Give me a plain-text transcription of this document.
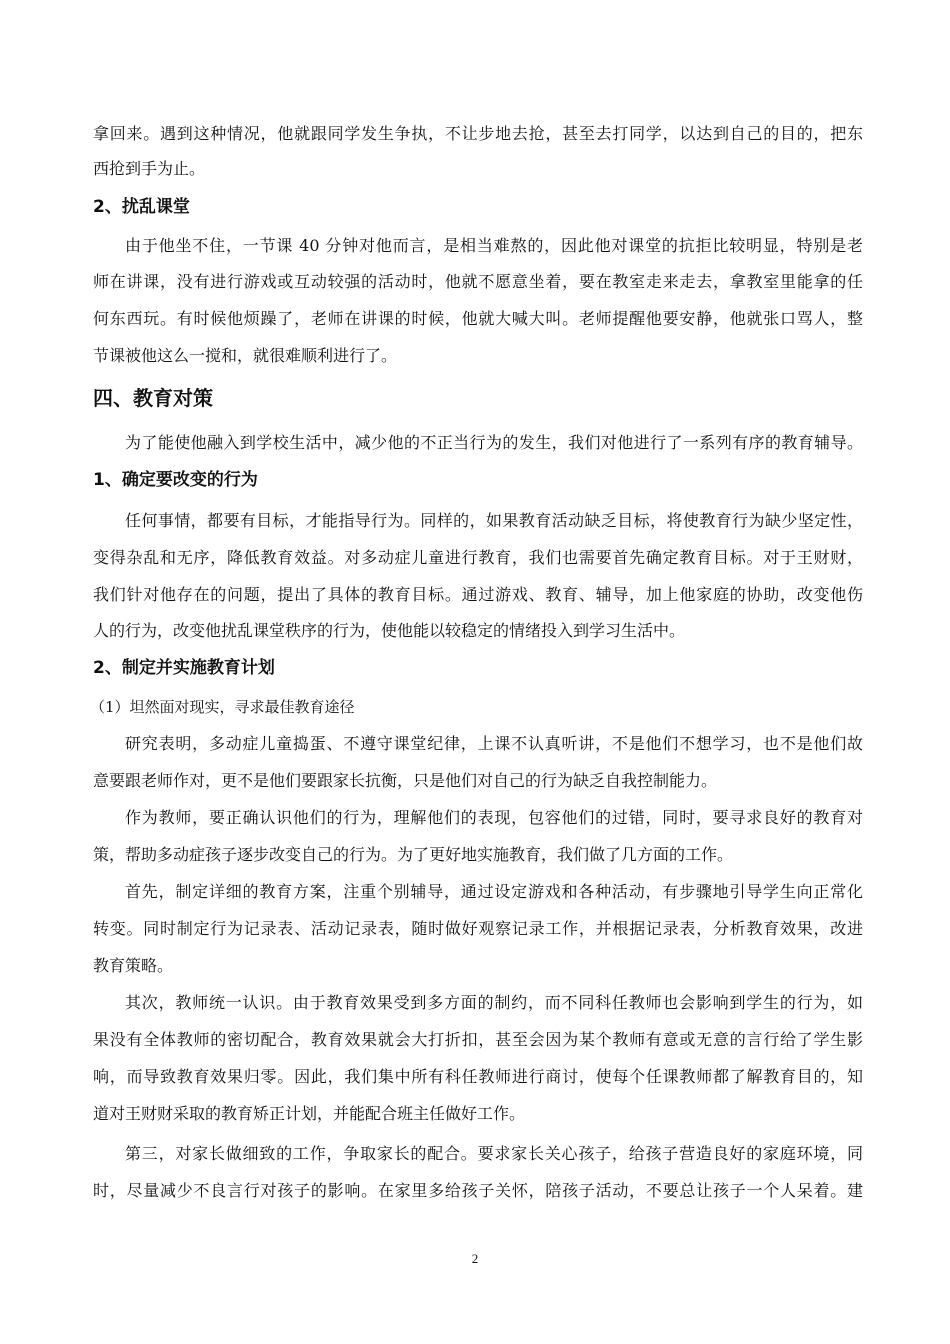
拿回来。遇到这种情况，他就跟同学发生争执，不让步地去抢，甚至去打同学，以达到自己的目的，把东
西抢到手为止。
2、扰乱课堂
由于他坐不住，一节课 40 分钟对他而言，是相当难熬的，因此他对课堂的抗拒比较明显，特别是老
师在讲课，没有进行游戏或互动较强的活动时，他就不愿意坐着，要在教室走来走去，拿教室里能拿的任
何东西玩。有时候他烦躁了，老师在讲课的时候，他就大喊大叫。老师提醒他要安静，他就张口骂人，整
节课被他这么一搅和，就很难顺利进行了。
四、教育对策
为了能使他融入到学校生活中，减少他的不正当行为的发生，我们对他进行了一系列有序的教育辅导。
1、确定要改变的行为
任何事情，都要有目标，才能指导行为。同样的，如果教育活动缺乏目标，将使教育行为缺少坚定性，
变得杂乱和无序，降低教育效益。对多动症儿童进行教育，我们也需要首先确定教育目标。对于王财财，
我们针对他存在的问题，提出了具体的教育目标。通过游戏、教育、辅导，加上他家庭的协助，改变他伤
人的行为，改变他扰乱课堂秩序的行为，使他能以较稳定的情绪投入到学习生活中。
2、制定并实施教育计划
（1）坦然面对现实，寻求最佳教育途径
研究表明，多动症儿童捣蛋、不遵守课堂纪律，上课不认真听讲，不是他们不想学习，也不是他们故
意要跟老师作对，更不是他们要跟家长抗衡，只是他们对自己的行为缺乏自我控制能力。
作为教师，要正确认识他们的行为，理解他们的表现，包容他们的过错，同时，要寻求良好的教育对
策，帮助多动症孩子逐步改变自己的行为。为了更好地实施教育，我们做了几方面的工作。
首先，制定详细的教育方案，注重个别辅导，通过设定游戏和各种活动，有步骤地引导学生向正常化
转变。同时制定行为记录表、活动记录表，随时做好观察记录工作，并根据记录表，分析教育效果，改进
教育策略。
其次，教师统一认识。由于教育效果受到多方面的制约，而不同科任教师也会影响到学生的行为，如
果没有全体教师的密切配合，教育效果就会大打折扣，甚至会因为某个教师有意或无意的言行给了学生影
响，而导致教育效果归零。因此，我们集中所有科任教师进行商讨，使每个任课教师都了解教育目的，知
道对王财财采取的教育矫正计划，并能配合班主任做好工作。
第三，对家长做细致的工作，争取家长的配合。要求家长关心孩子，给孩子营造良好的家庭环境，同
时，尽量减少不良言行对孩子的影响。在家里多给孩子关怀，陪孩子活动，不要总让孩子一个人呆着。建
2
